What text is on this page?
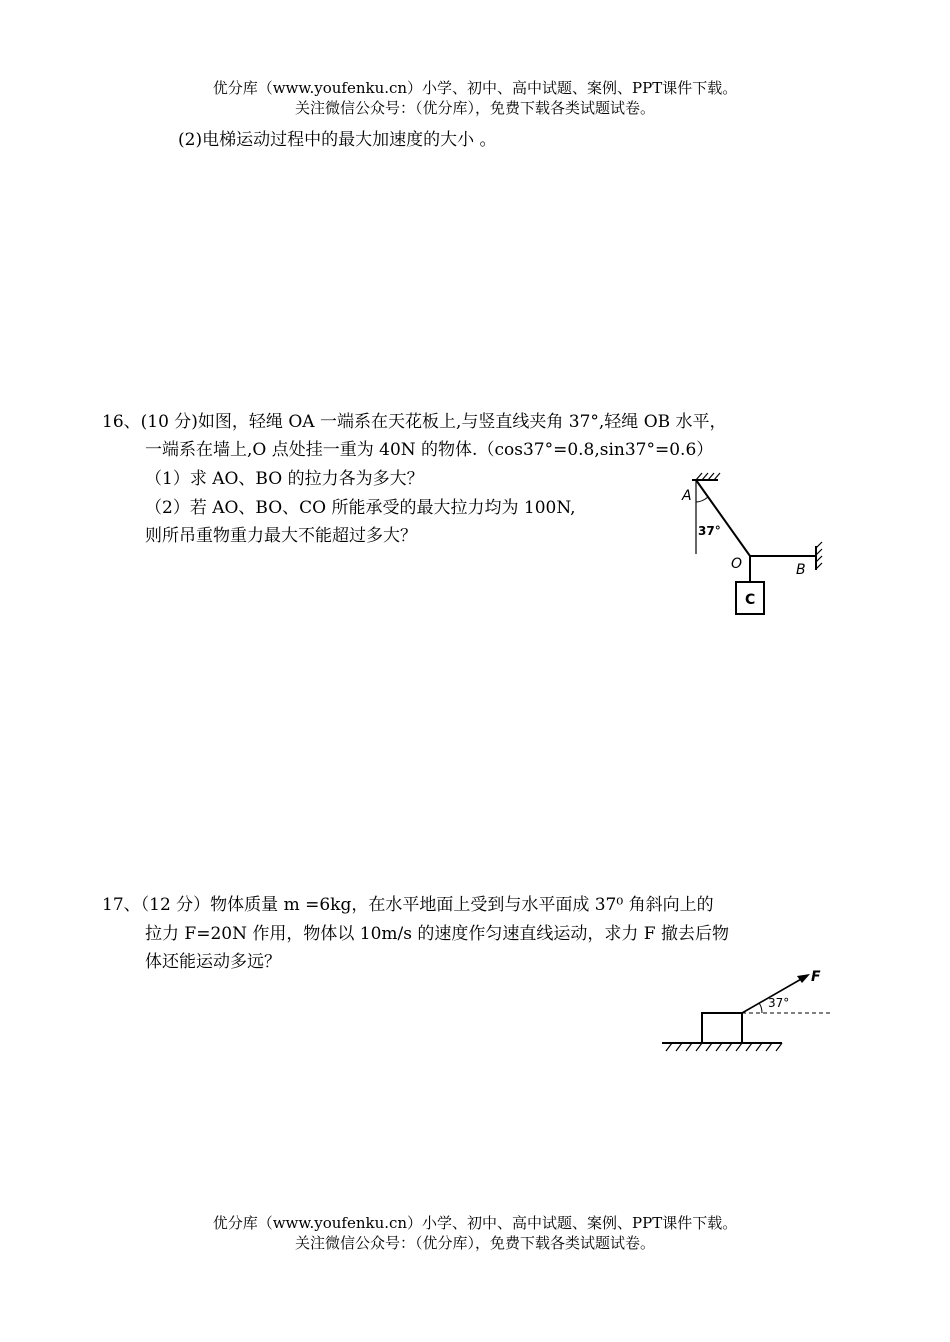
优分库（www.youfenku.cn）小学、初中、高中试题、案例、PPT课件下载。
关注微信公众号：（优分库），免费下载各类试题试卷。
(2)电梯运动过程中的最大加速度的大小 。
16、(10 分)如图，轻绳 OA 一端系在天花板上,与竖直线夹角 37°,轻绳 OB 水平，
一端系在墙上,O 点处挂一重为 40N 的物体.（cos37°=0.8,sin37°=0.6）
（1）求 AO、BO 的拉力各为多大？
（2）若 AO、BO、CO 所能承受的最大拉力均为 100N,
则所吊重物重力最大不能超过多大？
A
37°
O	B
C
17、（12 分）物体质量 m =6kg，在水平地面上受到与水平面成 37⁰ 角斜向上的
拉力 F=20N 作用，物体以 10m/s 的速度作匀速直线运动，求力 F 撤去后物
体还能运动多远？
37°
F
优分库（www.youfenku.cn）小学、初中、高中试题、案例、PPT课件下载。
关注微信公众号：（优分库），免费下载各类试题试卷。
